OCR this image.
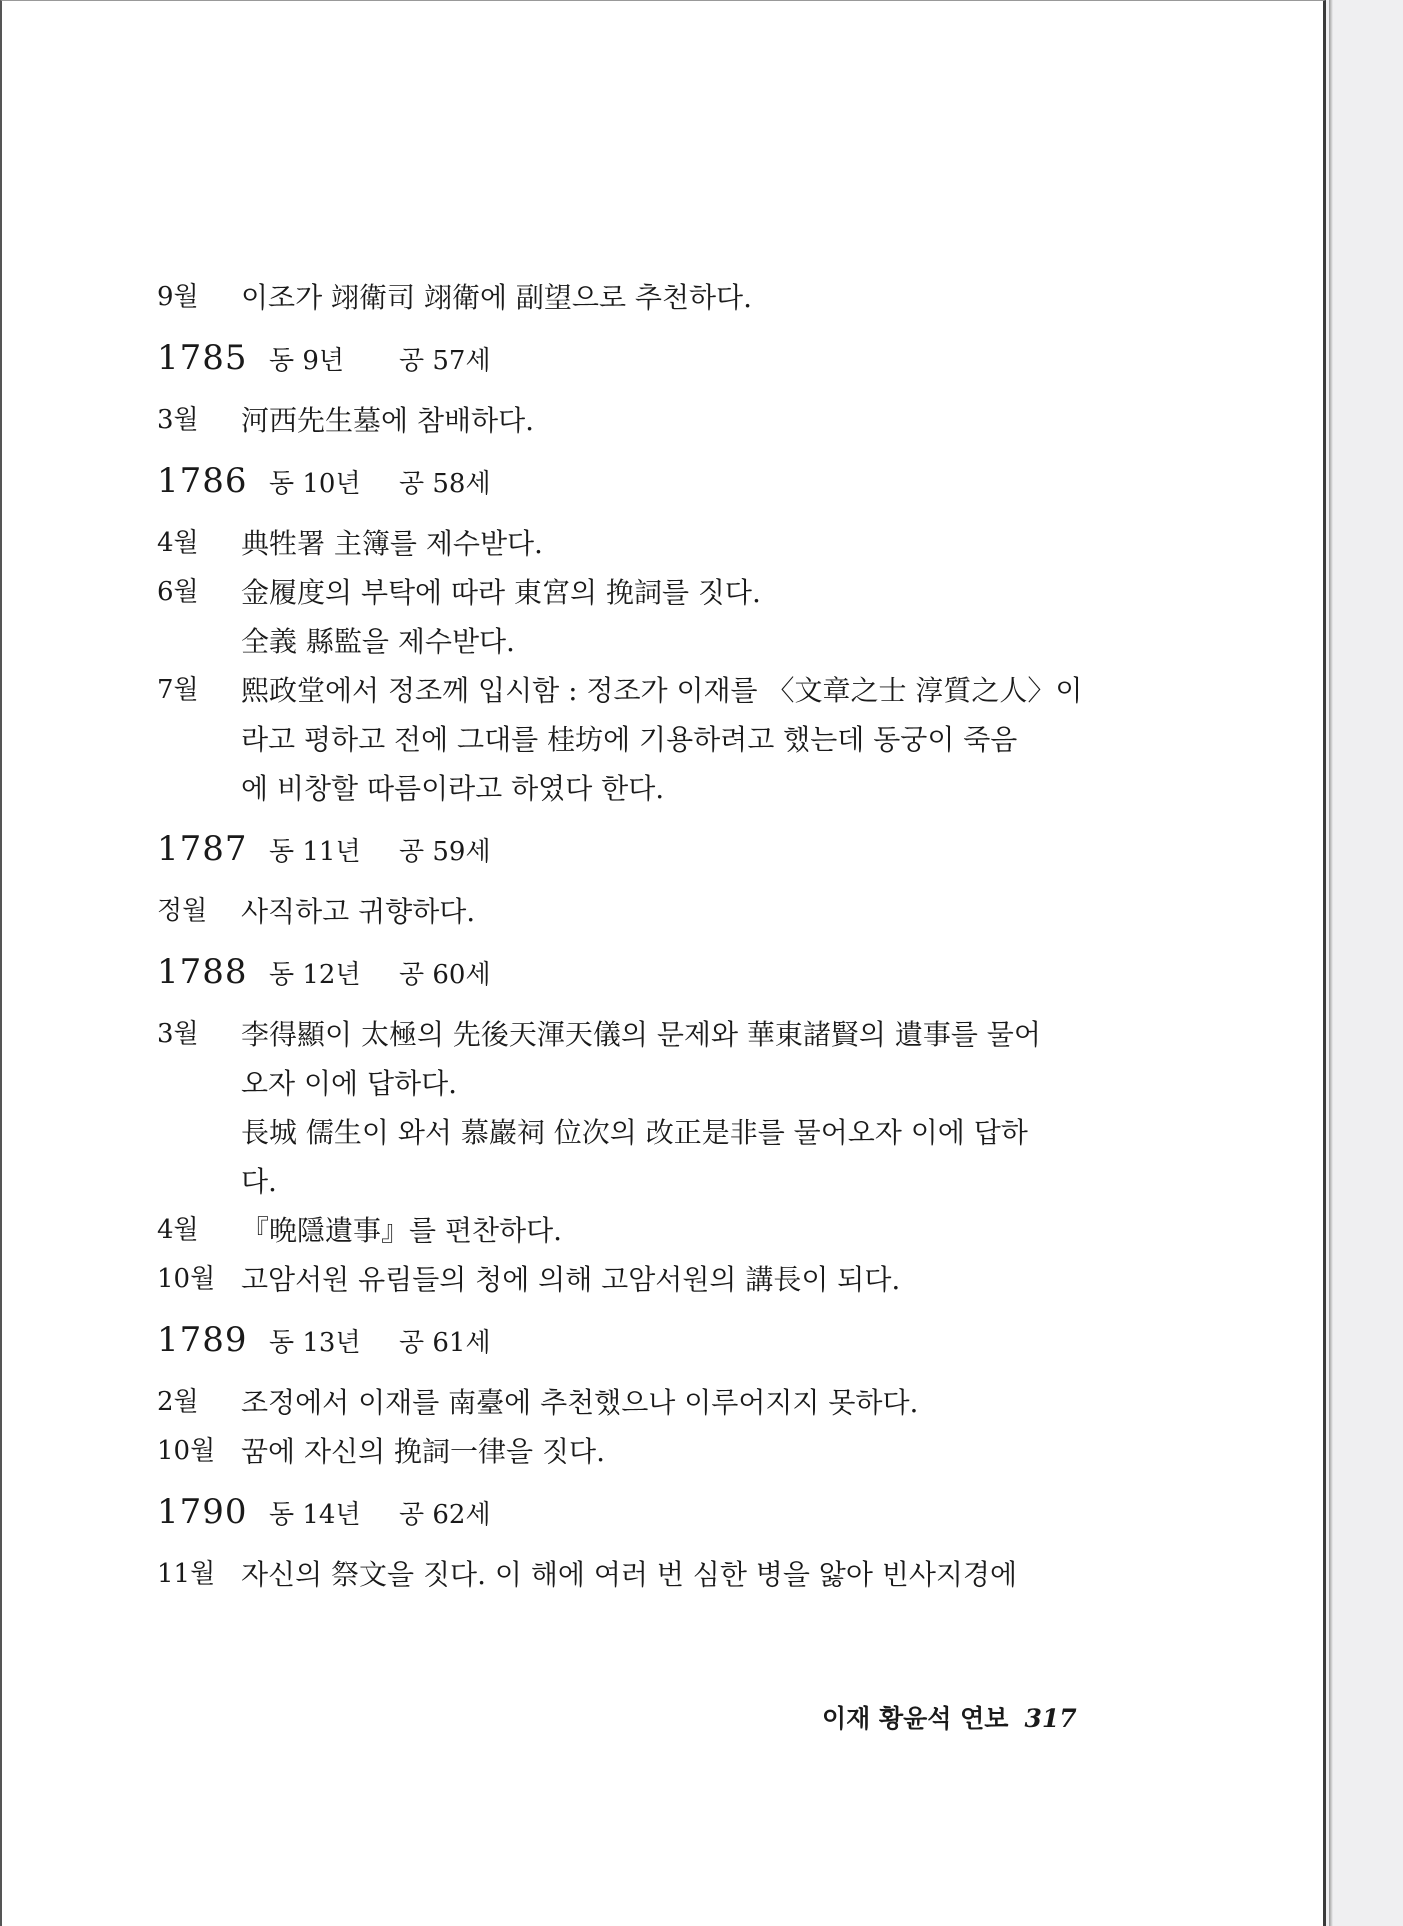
9월	이조가 翊衛司 翊衛에 副望으로 추천하다.
1785 동 9년	공 57세
3월	河西先生墓에 참배하다.
1786 동 10년	공 58세
4월	典牲署 主簿를 제수받다.
6월	金履度의 부탁에 따라 東宮의 挽詞를 짓다.
全義 縣監을 제수받다.
7월	熙政堂에서 정조께 입시함 : 정조가 이재를 〈文章之士 淳質之人〉이
라고 평하고 전에 그대를 桂坊에 기용하려고 했는데 동궁이 죽음
에 비창할 따름이라고 하였다 한다.
1787 동 11년	공 59세
정월	사직하고 귀향하다.
1788 동 12년	공 60세
3월	李得顯이 太極의 先後天渾天儀의 문제와 華東諸賢의 遺事를 물어
오자 이에 답하다.
長城 儒生이 와서 慕巖祠 位次의 改正是非를 물어오자 이에 답하
다.
4월	『晩隱遺事』를 편찬하다.
10월 고암서원 유림들의 청에 의해 고암서원의 講長이 되다.
1789 동 13년	공 61세
2월	조정에서 이재를 南臺에 추천했으나 이루어지지 못하다.
10월 꿈에 자신의 挽詞一律을 짓다.
1790 동 14년	공 62세
11월 자신의 祭文을 짓다. 이 해에 여러 번 심한 병을 앓아 빈사지경에
이재 황윤석 연보 317
